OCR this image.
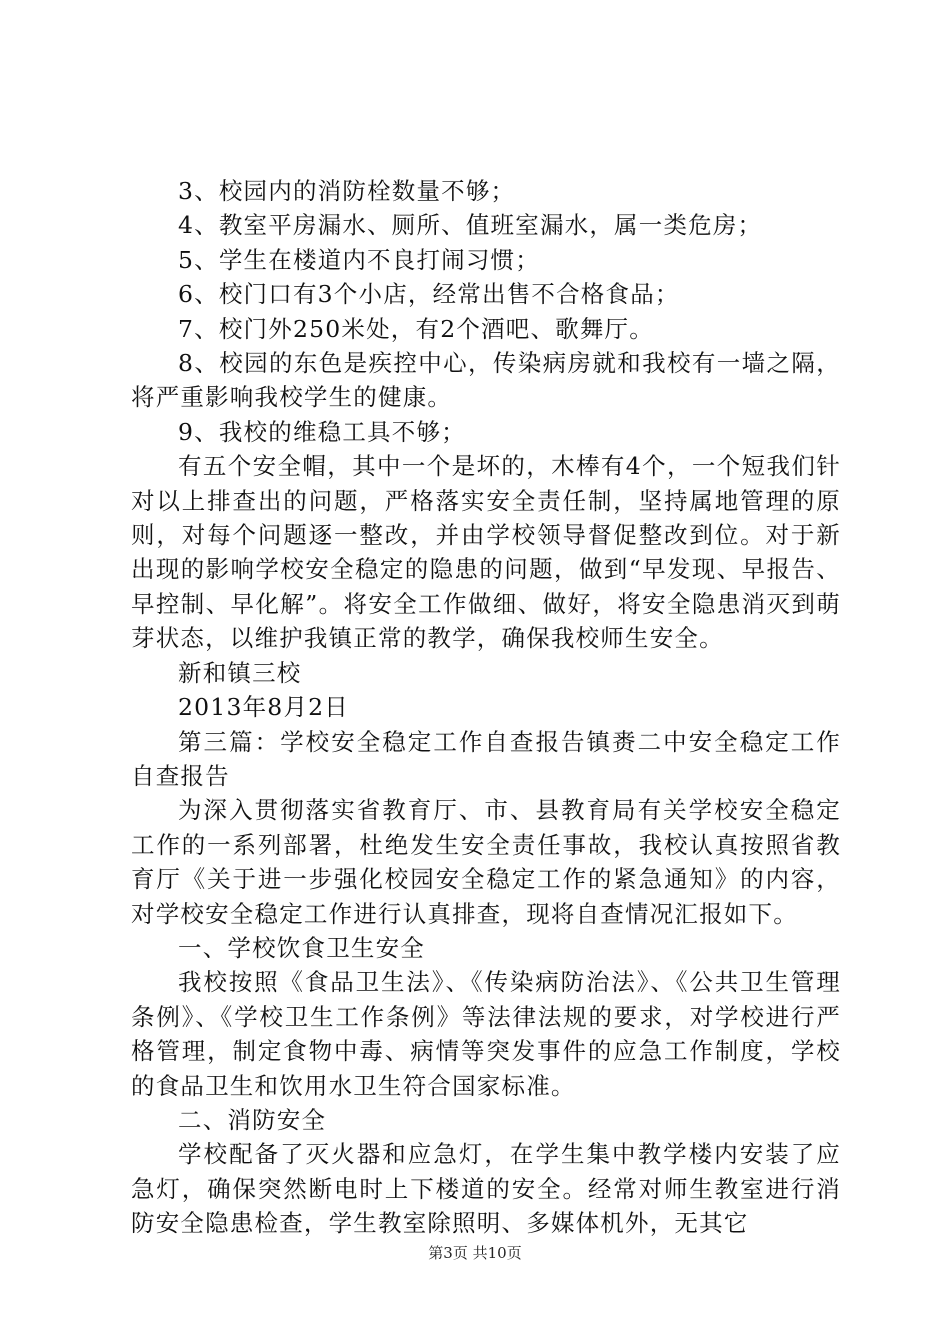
3、校园内的消防栓数量不够；

4、教室平房漏水、厕所、值班室漏水，属一类危房；

5、学生在楼道内不良打闹习惯；

6、校门口有3个小店，经常出售不合格食品；

7、校门外250米处，有2个酒吧、歌舞厅。

8、校园的东色是疾控中心，传染病房就和我校有一墙之隔，将严重影响我校学生的健康。

9、我校的维稳工具不够；

有五个安全帽，其中一个是坏的，木棒有4个，一个短我们针对以上排查出的问题，严格落实安全责任制，坚持属地管理的原则，对每个问题逐一整改，并由学校领导督促整改到位。对于新出现的影响学校安全稳定的隐患的问题，做到“早发现、早报告、早控制、早化解”。将安全工作做细、做好，将安全隐患消灭到萌芽状态，以维护我镇正常的教学，确保我校师生安全。

新和镇三校

2013年8月2日

第三篇：学校安全稳定工作自查报告镇赉二中安全稳定工作自查报告

为深入贯彻落实省教育厅、市、县教育局有关学校安全稳定工作的一系列部署，杜绝发生安全责任事故，我校认真按照省教育厅《关于进一步强化校园安全稳定工作的紧急通知》的内容，对学校安全稳定工作进行认真排查，现将自查情况汇报如下。

一、学校饮食卫生安全

我校按照《食品卫生法》、《传染病防治法》、《公共卫生管理条例》、《学校卫生工作条例》等法律法规的要求，对学校进行严格管理，制定食物中毒、病情等突发事件的应急工作制度，学校的食品卫生和饮用水卫生符合国家标准。

二、消防安全

学校配备了灭火器和应急灯，在学生集中教学楼内安装了应急灯，确保突然断电时上下楼道的安全。经常对师生教室进行消防安全隐患检查，学生教室除照明、多媒体机外，无其它

第3页 共10页
